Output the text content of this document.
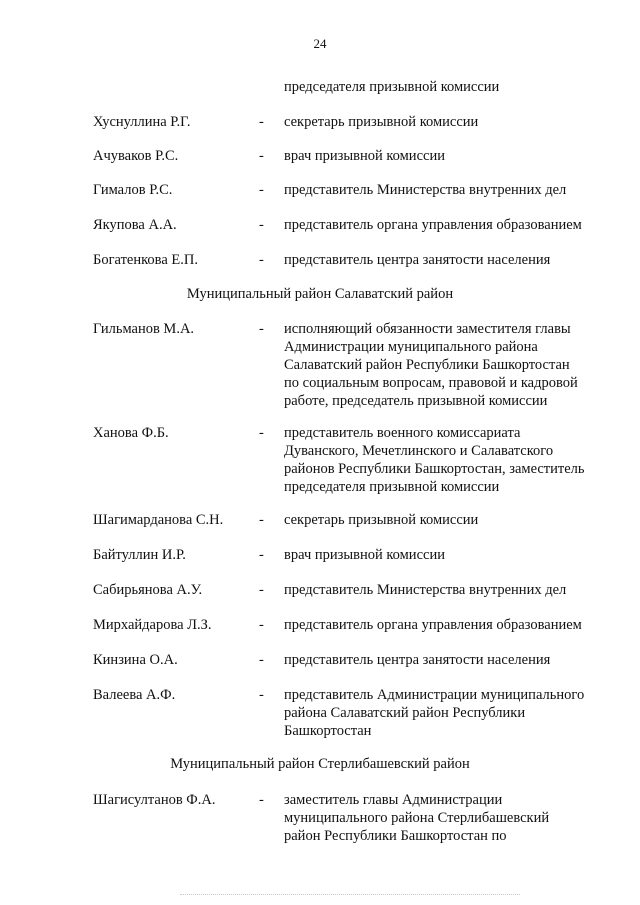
24
председателя призывной комиссии
Хуснуллина Р.Г.	- секретарь призывной комиссии
Ачуваков Р.С.	- врач призывной комиссии
Гималов Р.С.	- представитель Министерства внутренних дел
Якупова А.А.	- представитель органа управления образованием
Богатенкова Е.П.	- представитель центра занятости населения
Муниципальный район Салаватский район
Гильманов М.А.	- исполняющий обязанности заместителя главы
Администрации муниципального района
Салаватский район Республики Башкортостан
по социальным вопросам, правовой и кадровой
работе, председатель призывной комиссии
Ханова Ф.Б.	- представитель военного комиссариата
Дуванского, Мечетлинского и Салаватского
районов Республики Башкортостан, заместитель
председателя призывной комиссии
Шагимарданова С.Н. - секретарь призывной комиссии
Байтуллин И.Р.	- врач призывной комиссии
Сабирьянова А.У.	- представитель Министерства внутренних дел
Мирхайдарова Л.З.	- представитель органа управления образованием
Кинзина О.А.	- представитель центра занятости населения
Валеева А.Ф.	- представитель Администрации муниципального
района Салаватский район Республики
Башкортостан
Муниципальный район Стерлибашевский район
Шагисултанов Ф.А.	- заместитель главы Администрации
муниципального района Стерлибашевский
район Республики Башкортостан по
